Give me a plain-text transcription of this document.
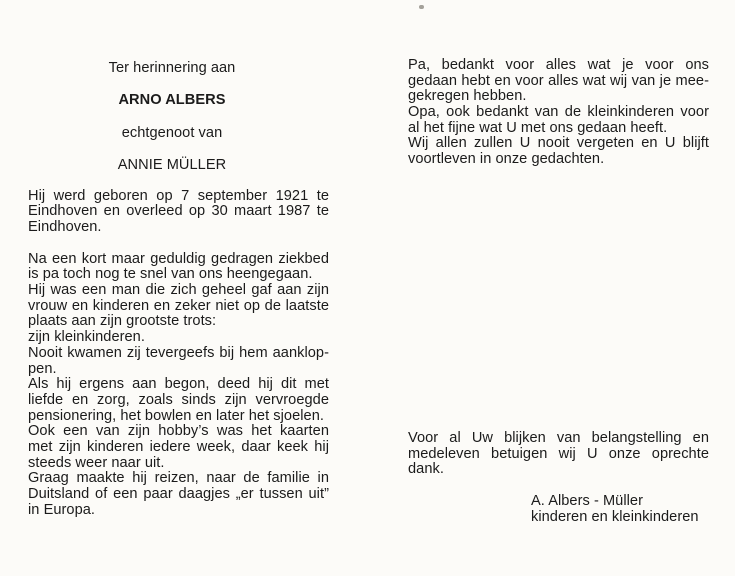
Ter herinnering aan
ARNO ALBERS
echtgenoot van
ANNIE MÜLLER
Hij werd geboren op 7 september 1921 te
Eindhoven en overleed op 30 maart 1987 te
Eindhoven.
Na een kort maar geduldig gedragen ziekbed
is pa toch nog te snel van ons heengegaan.
Hij was een man die zich geheel gaf aan zijn
vrouw en kinderen en zeker niet op de laatste
plaats aan zijn grootste trots:
zijn kleinkinderen.
Nooit kwamen zij tevergeefs bij hem aanklop-
pen.
Als hij ergens aan begon, deed hij dit met
liefde en zorg, zoals sinds zijn vervroegde
pensionering, het bowlen en later het sjoelen.
Ook een van zijn hobby’s was het kaarten
met zijn kinderen iedere week, daar keek hij
steeds weer naar uit.
Graag maakte hij reizen, naar de familie in
Duitsland of een paar daagjes „er tussen uit”
in Europa.
Pa, bedankt voor alles wat je voor ons
gedaan hebt en voor alles wat wij van je mee-
gekregen hebben.
Opa, ook bedankt van de kleinkinderen voor
al het fijne wat U met ons gedaan heeft.
Wij allen zullen U nooit vergeten en U blijft
voortleven in onze gedachten.
Voor al Uw blijken van belangstelling en
medeleven betuigen wij U onze oprechte
dank.
A. Albers - Müller
kinderen en kleinkinderen
